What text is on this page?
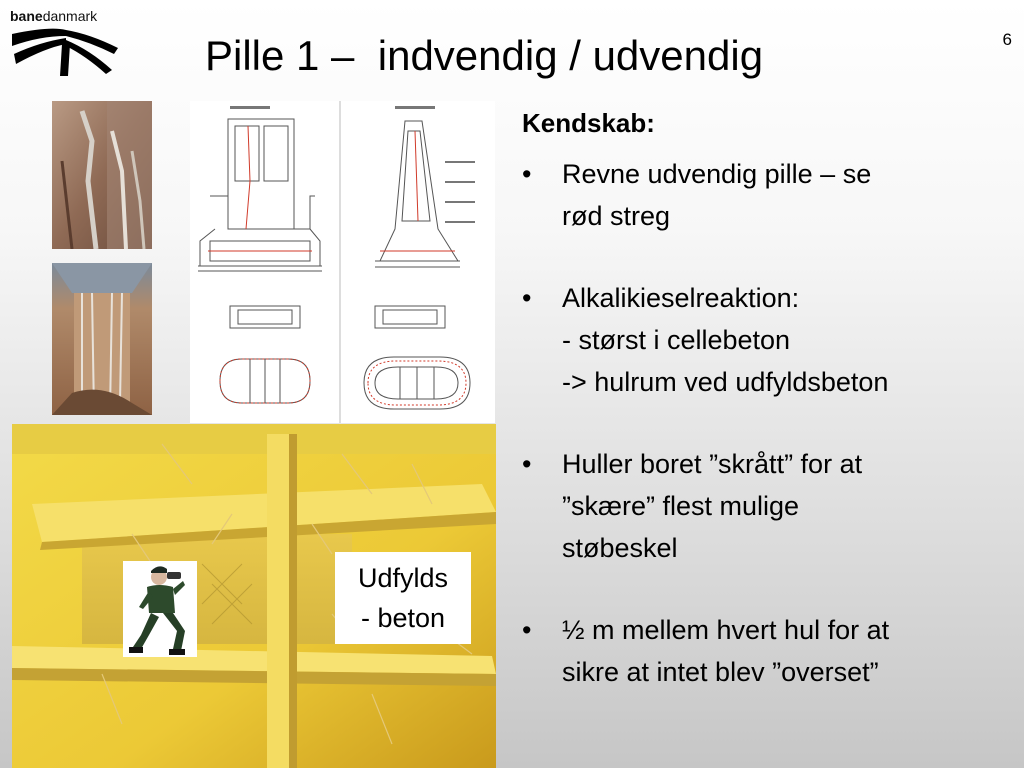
banedanmark
Pille 1 –  indvendig / udvendig	6
Udfylds
- beton
Kendskab:
• Revne udvendig pille – se
rød streg
• Alkalikieselreaktion:
- størst i cellebeton
-> hulrum ved udfyldsbeton
• Huller boret ”skrått” for at
”skære” flest mulige
støbeskel
• ½ m mellem hvert hul for at
sikre at intet blev ”overset”
